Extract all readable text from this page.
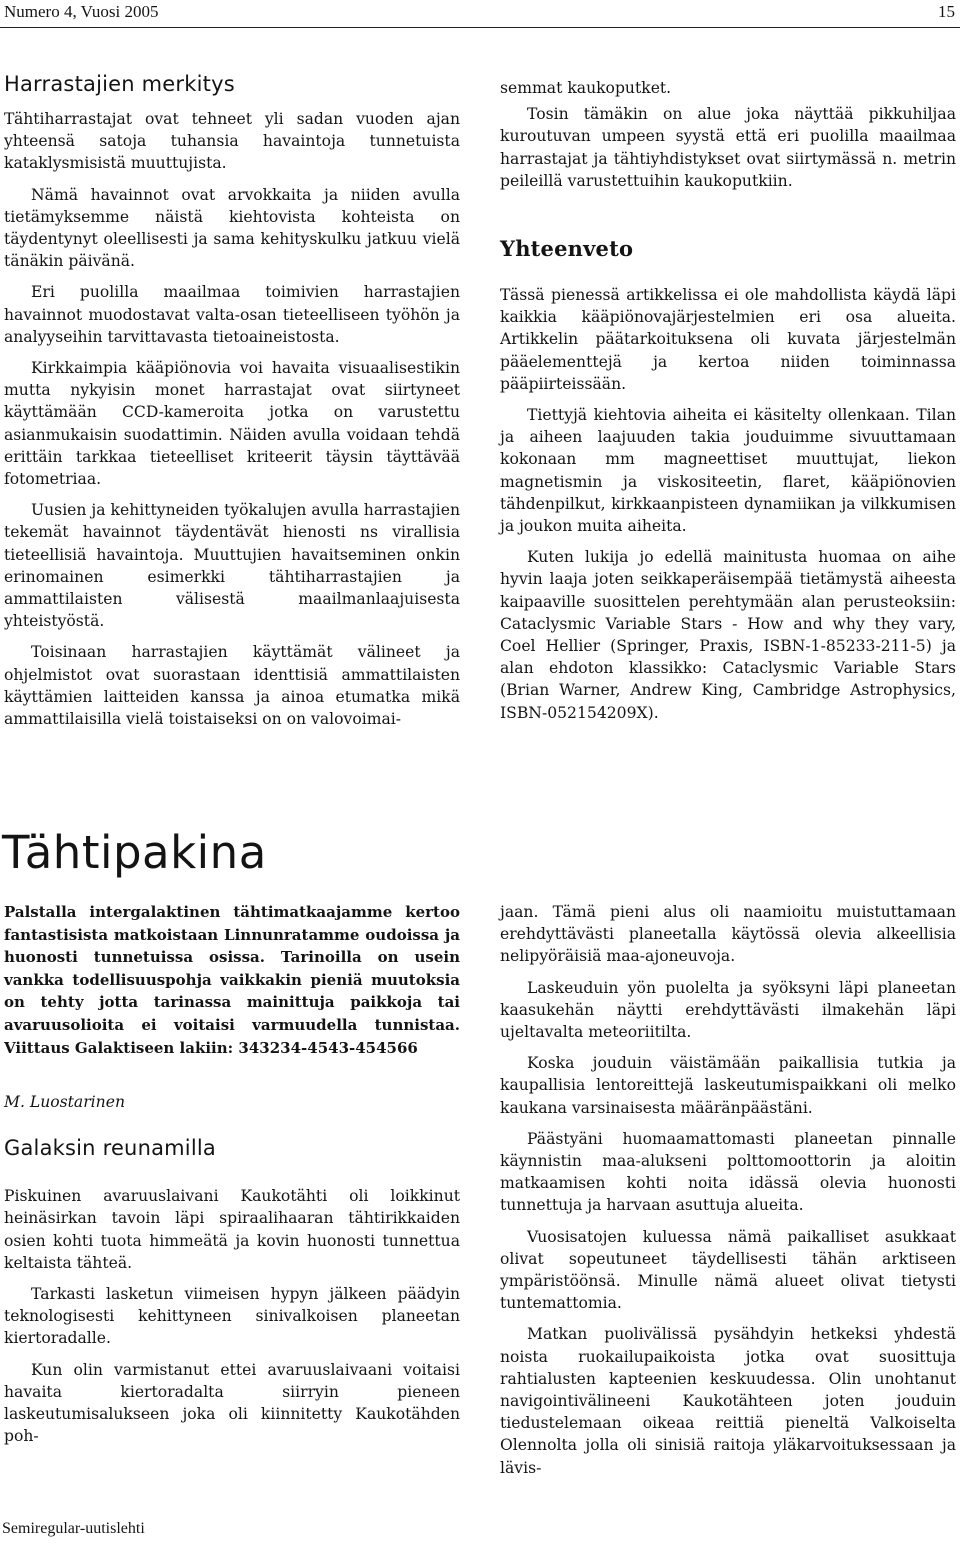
Numero 4, Vuosi 2005	15
Harrastajien merkitys

Tähtiharrastajat ovat tehneet yli sadan vuoden ajan yhteensä satoja tuhansia havaintoja tunnetuista kataklysmisistä muuttujista.

Nämä havainnot ovat arvokkaita ja niiden avulla tietämyksemme näistä kiehtovista kohteista on täydentynyt oleellisesti ja sama kehityskulku jatkuu vielä tänäkin päivänä.

Eri puolilla maailmaa toimivien harrastajien havainnot muodostavat valta-osan tieteelliseen työhön ja analyyseihin tarvittavasta tietoaineistosta.

Kirkkaimpia kääpiönovia voi havaita visuaalisestikin mutta nykyisin monet harrastajat ovat siirtyneet käyttämään CCD-kameroita jotka on varustettu asianmukaisin suodattimin. Näiden avulla voidaan tehdä erittäin tarkkaa tieteelliset kriteerit täysin täyttävää fotometriaa.

Uusien ja kehittyneiden työkalujen avulla harrastajien tekemät havainnot täydentävät hienosti ns virallisia tieteellisiä havaintoja. Muuttujien havaitseminen onkin erinomainen esimerkki tähtiharrastajien ja ammattilaisten välisestä maailmanlaajuisesta yhteistyöstä.

Toisinaan harrastajien käyttämät välineet ja ohjelmistot ovat suorastaan identtisiä ammattilaisten käyttämien laitteiden kanssa ja ainoa etumatka mikä ammattilaisilla vielä toistaiseksi on on valovoimai-

semmat kaukoputket.

Tosin tämäkin on alue joka näyttää pikkuhiljaa kuroutuvan umpeen syystä että eri puolilla maailmaa harrastajat ja tähtiyhdistykset ovat siirtymässä n. metrin peileillä varustettuihin kaukoputkiin.

Yhteenveto

Tässä pienessä artikkelissa ei ole mahdollista käydä läpi kaikkia kääpiönovajärjestelmien eri osa alueita. Artikkelin päätarkoituksena oli kuvata järjestelmän pääelementtejä ja kertoa niiden toiminnassa pääpiirteissään.

Tiettyjä kiehtovia aiheita ei käsitelty ollenkaan. Tilan ja aiheen laajuuden takia jouduimme sivuuttamaan kokonaan mm magneettiset muuttujat, liekon magnetismin ja viskositeetin, flaret, kääpiönovien tähdenpilkut, kirkkaanpisteen dynamiikan ja vilkkumisen ja joukon muita aiheita.

Kuten lukija jo edellä mainitusta huomaa on aihe hyvin laaja joten seikkaperäisempää tietämystä aiheesta kaipaaville suosittelen perehtymään alan perusteoksiin: Cataclysmic Variable Stars - How and why they vary, Coel Hellier (Springer, Praxis, ISBN-1-85233-211-5) ja alan ehdoton klassikko: Cataclysmic Variable Stars (Brian Warner, Andrew King, Cambridge Astrophysics, ISBN-052154209X).

Tähtipakina

Palstalla intergalaktinen tähtimatkaajamme kertoo fantastisista matkoistaan Linnunratamme oudoissa ja huonosti tunnetuissa osissa. Tarinoilla on usein vankka todellisuuspohja vaikkakin pieniä muutoksia on tehty jotta tarinassa mainittuja paikkoja tai avaruusolioita ei voitaisi varmuudella tunnistaa. Viittaus Galaktiseen lakiin: 343234-4543-454566

M. Luostarinen
Galaksin reunamilla

Piskuinen avaruuslaivani Kaukotähti oli loikkinut heinäsirkan tavoin läpi spiraalihaaran tähtirikkaiden osien kohti tuota himmeätä ja kovin huonosti tunnettua keltaista tähteä.

Tarkasti lasketun viimeisen hypyn jälkeen päädyin teknologisesti kehittyneen sinivalkoisen planeetan kiertoradalle.

Kun olin varmistanut ettei avaruuslaivaani voitaisi havaita kiertoradalta siirryin pieneen laskeutumisalukseen joka oli kiinnitetty Kaukotähden poh-

jaan. Tämä pieni alus oli naamioitu muistuttamaan erehdyttävästi planeetalla käytössä olevia alkeellisia nelipyöräisiä maa-ajoneuvoja.

Laskeuduin yön puolelta ja syöksyni läpi planeetan kaasukehän näytti erehdyttävästi ilmakehän läpi ujeltavalta meteoriitilta.

Koska jouduin väistämään paikallisia tutkia ja kaupallisia lentoreittejä laskeutumispaikkani oli melko kaukana varsinaisesta määränpäästäni.

Päästyäni huomaamattomasti planeetan pinnalle käynnistin maa-alukseni polttomoottorin ja aloitin matkaamisen kohti noita idässä olevia huonosti tunnettuja ja harvaan asuttuja alueita.

Vuosisatojen kuluessa nämä paikalliset asukkaat olivat sopeutuneet täydellisesti tähän arktiseen ympäristöönsä. Minulle nämä alueet olivat tietysti tuntemattomia.

Matkan puolivälissä pysähdyin hetkeksi yhdestä noista ruokailupaikoista jotka ovat suosittuja rahtialusten kapteenien keskuudessa. Olin unohtanut navigointivälineeni Kaukotähteen joten jouduin tiedustelemaan oikeaa reittiä pieneltä Valkoiselta Olennolta jolla oli sinisiä raitoja yläkarvoituksessaan ja lävis-

Semiregular-uutislehti
